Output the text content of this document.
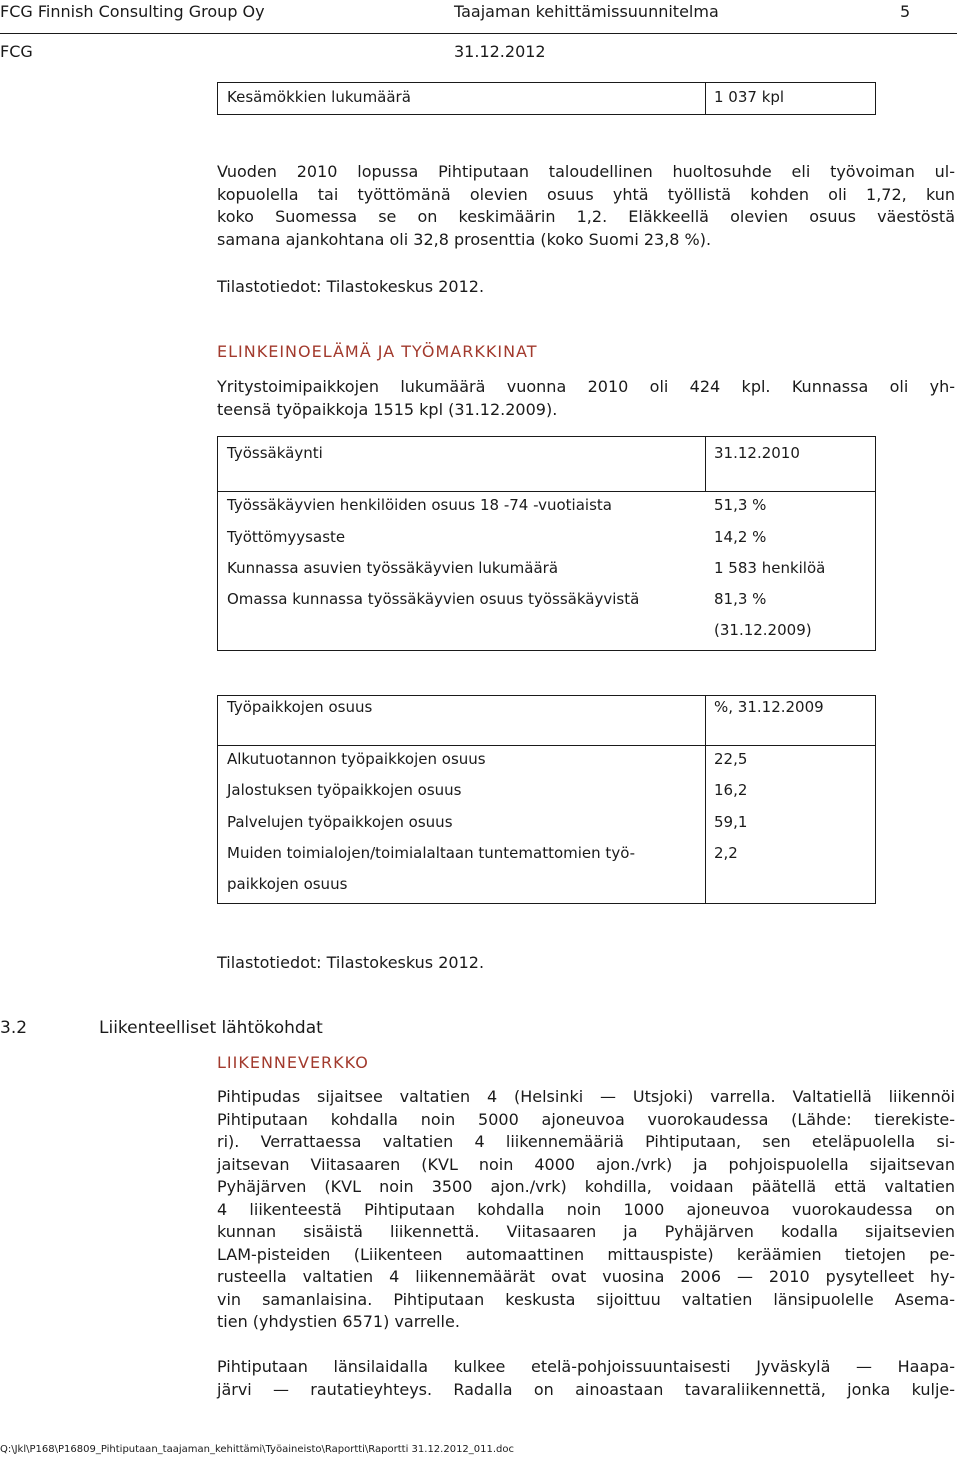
FCG Finnish Consulting Group Oy	Taajaman kehittämissuunnitelma	5
FCG	31.12.2012
Kesämökkien lukumäärä	1 037 kpl

Vuoden 2010 lopussa Pihtiputaan taloudellinen huoltosuhde eli työvoiman ul-

kopuolella tai työttömänä olevien osuus yhtä työllistä kohden oli 1,72, kun

koko Suomessa se on keskimäärin 1,2. Eläkkeellä olevien osuus väestöstä

samana ajankohtana oli 32,8 prosenttia (koko Suomi 23,8 %).

Tilastotiedot: Tilastokeskus 2012.
ELINKEINOELÄMÄ JA TYÖMARKKINAT

Yritystoimipaikkojen lukumäärä vuonna 2010 oli 424 kpl. Kunnassa oli yh-

teensä työpaikkoja 1515 kpl (31.12.2009).

Työssäkäynti	31.12.2010
Työssäkäyvien henkilöiden osuus 18 -74 -vuotiaista	51,3 %
Työttömyysaste	14,2 %
Kunnassa asuvien työssäkäyvien lukumäärä	1 583 henkilöä
Omassa kunnassa työssäkäyvien osuus työssäkäyvistä	81,3 %
(31.12.2009)
Työpaikkojen osuus	%, 31.12.2009
Alkutuotannon työpaikkojen osuus	22,5
Jalostuksen työpaikkojen osuus	16,2
Palvelujen työpaikkojen osuus	59,1
Muiden toimialojen/toimialaltaan tuntemattomien työ-	2,2
paikkojen osuus
Tilastotiedot: Tilastokeskus 2012.
3.2	Liikenteelliset lähtökohdat
LIIKENNEVERKKO

Pihtipudas sijaitsee valtatien 4 (Helsinki — Utsjoki) varrella. Valtatiellä liikennöi

Pihtiputaan kohdalla noin 5000 ajoneuvoa vuorokaudessa (Lähde: tierekiste-

ri). Verrattaessa valtatien 4 liikennemääriä Pihtiputaan, sen eteläpuolella si-

jaitsevan Viitasaaren (KVL noin 4000 ajon./vrk) ja pohjoispuolella sijaitsevan

Pyhäjärven (KVL noin 3500 ajon./vrk) kohdilla, voidaan päätellä että valtatien

4 liikenteestä Pihtiputaan kohdalla noin 1000 ajoneuvoa vuorokaudessa on

kunnan sisäistä liikennettä. Viitasaaren ja Pyhäjärven kodalla sijaitsevien

LAM-pisteiden (Liikenteen automaattinen mittauspiste) keräämien tietojen pe-

rusteella valtatien 4 liikennemäärät ovat vuosina 2006 — 2010 pysytelleet hy-

vin samanlaisina. Pihtiputaan keskusta sijoittuu valtatien länsipuolelle Asema-

tien (yhdystien 6571) varrelle.

Pihtiputaan länsilaidalla kulkee etelä-pohjoissuuntaisesti Jyväskylä — Haapa-

järvi — rautatieyhteys. Radalla on ainoastaan tavaraliikennettä, jonka kulje-

Q:\Jkl\P168\P16809_Pihtiputaan_taajaman_kehittämi\Työaineisto\Raportti\Raportti 31.12.2012_011.doc
